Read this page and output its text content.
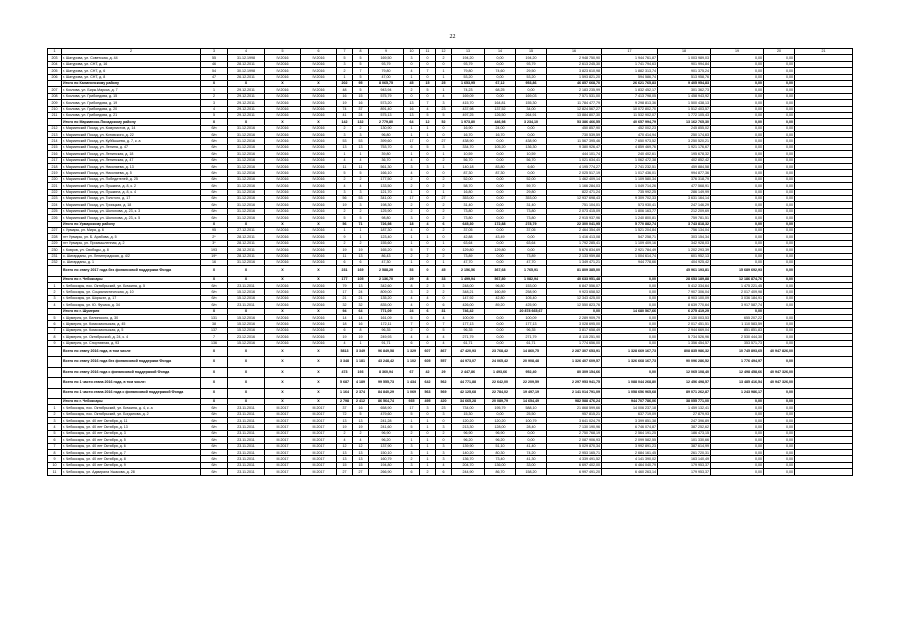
22
1	2	3	4	5	6	7	8	9	10	11	12	13	14	15	16	17	18	19	20	21
203	г. Шатурова, ул. Советская, д. 44	55	31.12.1998	IV.2016	IV.2016	5	5	169,50	3	0	2	194,20	0,00	194,20	2 948 750,90	1 944 761,87	1 003 989,03	0,00	0,00	
204	г. Шатурова, ул. СНТ, д. 16	46	28.12.2011	IV.2016	IV.2016	3	5	93,79	0	0	0	93,79	0,00	93,79	2 613 245,30	1 741 794,63	901 994,84	0,00	0,00	
205	г. Шатурова, ул. СНТ, д. 6	54	30.12.1998	IV.2016	IV.2016	2	7	79,80	4	7	1	79,80	74,60	29,50	3 823 610,98	1 882 313,74	901 375,24	0,00	0,00	
206	г. Шатурова, ул. СНТ, д. 8	47	26.12.2011	IV.2016	IV.2016	1	5	47,00	1	0	1	53,20	0,00	53,20	1 593 821,20	594 586,74	513 958,76	0,00	0,00	
	Итого по Калининскому району	X	X	X	X	202	95	8 065,75	45	15	25	1 653,95	67,12	953,86	46 857 668,70	26 621 765,83	9 405 954,83	0,00	0,00	
207	г. Козлова, ул. Бирж.Маркса, д. 7	1	29.12.2011	IV.2016	IV.2016	48	5	943,94	2	5	1	74,23	68,25	0,00	2 183 235,99	1 832 452,17	301 362,73	0,00	0,00	
208	г. Козлова, ул. Грибоедова, д. 15	2	29.12.2011	IV.2016	IV.2016	16	15	575,79	0	0	4	169,09	0,00	169,03	7 571 531,00	7 413 798,05	1 458 943,92	0,00	0,00	
209	г. Козлова, ул. Грибоедова, д. 19	3	29.12.2011	IV.2016	IV.2016	19	16	573,20	13	7	3	415,70	164,81	155,30	11 784 477,79	9 298 813,36	1 500 438,13	0,00	0,00	
210	г. Козлова, ул. Грибоедова, д. 20	4	29.12.2011	IV.2016	IV.2016	74	37	891,40	16	4	23	437,98	137,52	34,00	12 824 567,27	10 072 802,70	1 512 403,57	0,00	0,00	
211	г. Козлова, ул. Грибоедова, д. 21	5	29.12.2011	IV.2016	IV.2016	41	24	575,13	13	5	5	497,25	126,50	264,91	13 884 807,30	11 532 902,07	1 772 105,43	0,00	0,00	
	Итого по Мариинско-Посадскому району	X	X	X	X	142	132	2 779,80	64	12	52	1 973,80	446,98	3 234,10	53 386 466,55	40 657 994,79	13 162 765,30	0,00	0,00	
212	г. Мариинский Посад, ул. Комунистов, д. 14	б/н	31.12.2016	IV.2016	IV.2016	2	2	130,90	1	1	0	16,90	24,00	0,00	450 857,90	452 002,23	245 855,02	0,00	0,00	
213	г. Мариинский Посад, ул. Котовского, д. 22	б/н	31.12.2016	IV.2016	IV.2016	3	3	96,80	1	1	0	16,70	16,70	0,00	730 539,59	470 414,94	250 174,63	0,00	0,00	
214	г. Мариинский Посад, ул. Куйбышева, д. 7, к. а	б/н	31.12.2016	IV.2016	IV.2016	53	53	399,60	17	0	27	438,90	0,00	438,90	11 567 395,46	7 650 973,52	3 250 520,21	0,00	0,00	
215	г. Мариинский Посад, ул. Ленина, д. 47	б/н	31.12.2016	IV.2016	IV.2016	13	13	753,70	6	5	3	334,70	105,20	136,30	9 380 926,47	4 859 469,76	1 921 176,67	0,00	0,00	
216	г. Мариинский Посад, ул. Ленинская, д. 18	б/н	31.12.2016	IV.2016	IV.2016	1	1	39,80	1	0	1	10,59	0,00	10,59	444 101,74	240 402,61	195 678,32	0,00	0,00	
217	г. Мариинский Посад, ул. Ленинская, д. 47	б/н	31.12.2016	IV.2016	IV.2016	4	4	36,70	4	0	2	56,70	0,00	56,70	1 021 634,41	1 062 472,38	402 852,42	0,00	0,00	
218	г. Мариинский Посад, ул. Николаева, д. 13	б/н	31.12.2016	IV.2016	IV.2016	11	11	561,30	3	3	1	140,18	83,80	6,60	4 195 774,27	2 741 232,51	459 884,58	0,00	0,00	
219	г. Мариинский Посад, ул. Николаева, д. 5	б/н	31.12.2016	IV.2016	IV.2016	5	5	166,10	4	0	0	87,30	87,30	0,00	2 025 517,19	1 017 436,01	994 877,36	0,00	0,00	
220	г. Мариинский Посад, ул. Победителей, д. 25	б/н	31.12.2016	IV.2016	IV.2016	2	2	177,50	2	0	2	52,00	0,00	52,00	1 462 409,14	1 109 580,34	376 318,79	0,00	0,00	
221	г. Мариинский Посад, ул. Пушкина, д. 8, к. 2	б/н	31.12.2016	IV.2016	IV.2016	4	4	133,50	2	0	2	58,70	0,00	59,70	1 166 284,03	1 049 714,26	477 568,91	0,00	0,00	
222	г. Мариинский Посад, ул. Пушкина, д. 8, к. 4	б/н	31.12.2016	IV.2016	IV.2016	3	3	121,70	1	0	1	16,80	0,00	29,80	822 471,24	735 992,25	286 149,99	0,00	0,00	
223	г. Мариинский Посад, ул. Толстого, д. 17	б/н	31.12.2016	IV.2016	IV.2016	56	53	341,00	17	0	27	353,00	0,00	353,00	12 937 698,43	9 309 702,33	3 631 164,14	0,00	0,00	
224	г. Мариинский Посад, ул. Троицкая, д. 18	б/н	31.12.2016	IV.2016	IV.2016	19	3	198,30	2	0	2	31,40	0,00	31,40	751 104,01	573 930,41	247 146,29	0,00	0,00	
225	г. Мариинский Посад, ул. Шолохова, д. 23, к. 3	б/н	31.12.2016	IV.2016	IV.2016	2	2	125,90	2	0	2	73,80	0,00	73,80	2 073 415,09	1 806 163,77	212 209,69	0,00	0,00	
226	г. Мариинский Посад, ул. Шолохова, д. 23, к. 5	б/н	31.12.2016	IV.2016	IV.2016	5	5	98,80	3	0	2	73,80	0,00	73,80	2 915 937,96	1 240 800,81	759 781,51	0,00	0,00	
	Итого по Урмарскому району	X	X	X	X	56	71	726,98	18	4	6	645,30	172,88	278,79	22 300 041,95	5 770 882,74	3 743 818,32	0,00	0,00	
227	г. Урмары, ул. Мира, д. 6	95	27.12.2011	IV.2016	IV.2016	1	1	187,30	4	0	2	37,05	0,00	37,05	2 464 354,49	1 521 204,84	756 134,04	0,00	0,00	
228	пгт Урмары, ул. Б. Арабова, д. 5	2*	28.12.2011	IV.2016	IV.2016	9	1	123,40	1	1	0	42,88	43,49	0,00	1 416 413,08	547 258,71	303 154,34	0,00	0,00	
229	пгт Урмары, ул. Промышленная, д. 2	3*	28.12.2011	IV.2016	IV.2016	2	2	155,60	1	0	1	63,64	0,00	63,64	1 792 285,41	1 109 409,16	342 928,03	0,00	0,00	
230	г. Ковров, ул. Свободы, д. 8	193	28.12.2011	IV.2016	IV.2016	19	19	165,20	5	7	0	129,80	129,80	0,00	5 676 834,69	2 921 784,49	1 202 293,39	0,00	0,00	
231	с. Шигарданы, ул. Ленинградская, д. 4/2	19*	28.12.2011	IV.2016	IV.2016	11	13	86,43	2	2	2	73,89	0,00	73,89	2 133 959,88	1 004 614,74	601 952,13	0,00	0,00	
232	с. Шигарданы, д. 1	16	31.12.2016	IV.2016	IV.2016	6	6	47,30	1	0	1	47,70	0,00	47,70	1 349 471,21	944 778,66	404 925,42	0,00	0,00	
	Всего по этапу 2017 года без финансовой поддержки Фонда	X	X	X	X	231	169	2 588,29	53	0	45	2 156,56	367,68	1 765,91	81 809 385,00		45 961 193,81	15 689 692,93	0,00	
	Итого по г. Чебоксары	X	X	X	X	177	105	2 136,70	29	8	33	1 499,94	567,80	1 082,94	40 633 951,48	0,00	28 653 189,88	12 186 874,76	0,00	
1	г. Чебоксары, пос. Октябрьский, ул. Бичкина, д. 5	б/н	23.11.2011	IV.2016	IV.2016	79	13	342,60	8	2	3	248,00	96,80	153,00	6 847 556,07	0,00	5 412 334,64	1 475 221,45	0,00	
2	г. Чебоксары, ул. Социалистическая, д. 10	б/н	15.12.2016	IV.2016	IV.2016	17	24	809,00	3	2	2	348,21	160,89	258,90	9 923 658,52	0,00	7 907 306,04	2 017 409,98	0,00	
3	г. Чебоксары, ул. Шоршэл, д. 17	б/н	15.12.2016	IV.2016	IV.2016	21	21	135,20	4	4	0	147,92	42,80	105,40	12 343 425,00	0,00	8 903 100,09	3 036 184,91	0,00	
4	г. Чебоксары, ул. Ю. Фучика, д. 34	б/н	23.11.2011	IV.2016	IV.2016	32	32	835,00	4	0	6	426,00	89,20	425,90	12 550 823,76	0,00	8 639 770,64	3 917 587,74	0,00	
	Итого по г. Шумерля	X	X	X	X	94	64	771,09	24	6	31	746,42		20 878 665,67	0,00	14 680 567,66	6 275 419,29	0,00		
5	г. Шумерля, ул. Белинского, д. 30	131	15.12.2016	IV.2016	IV.2016	14	14	161,09	5	0	4	100,09	0,00	100,09	2 289 909,79	0,00	2 130 003,53	655 207,22	0,00	
6	г. Шумерля, ул. Комсомольская, д. 45	38	15.12.2016	IV.2016	IV.2016	18	16	172,11	7	0	7	177,13	0,00	177,13	3 028 695,00	0,00	2 017 451,51	1 110 583,59	0,00	
7	г. Шумерля, ул. Комсомольская, д. 5	137	15.12.2016	IV.2016	IV.2016	6	8	96,35	2	0	5	96,35	0,00	96,35	3 817 658,49	0,00	2 944 669,04	851 851,83	0,00	
8	г. Шумерля, ул. Октябрьской, д. 24, к. 4	7	23.12.2016	IV.2016	IV.2016	19	19	249,93	4	4	4	271,79	0,00	271,79	8 115 251,90	0,00	5 734 526,96	2 530 444,30	0,00	
9	г. Шумерля, ул. Спортивная, д. 93	136	15.12.2016	IV.2016	IV.2016	4	1	91,71	6	0	4	61,71	0,00	61,71	1 774 656,00	0,00	1 356 454,57	353 571,73	0,00	
	Всего по этапу 2016 года, в том числе	X	X	X	X	5813	3 349	96 849,58	1 329	607	867	47 420,93	23 768,42	14 860,75	2 287 307 653,91	1 328 669 167,73	808 835 986,32	10 745 893,65	40 947 826,00	
	Всего по этапу 2016 года без финансовой поддержки Фонда	X	X	X	X	3 348	1 181	43 248,42	1 102	605	557	44 973,07	24 065,42	20 908,48	1 326 407 609,57	1 326 668 167,73	90 096 286,52	1 776 494,97	0,00	
	Всего по этапу 2016 года с финансовой поддержкой Фонда	X	X	X	X	473	193	8 360,94	67	42	29	2 447,86	1 493,66	952,40	80 309 154,66	0,00	12 065 108,40	12 498 458,66	40 947 326,00	
	Всего по 1 части этапа 2016 года, в том числе:	X	X	X	X	5 687	4 189	99 555,73	1 434	642	562	44 771,88	22 642,00	22 209,59	2 297 953 941,75	1 088 044 268,80	12 456 498,57	13 485 416,54	40 947 326,00	
	Всего по 1 части этапа 2016 года с финансовой поддержкой Фонда	X	X	X	X	1 164	2 374	84 840,29	1 069	563	569	42 125,68	22 784,02	19 497,19	2 141 014 791,09	1 058 656 965,68	89 071 262,87	1 243 986,17	0,00	
	Итого по г. Чебоксары	X	X	X	X	2 798	2 412	86 564,74	935	495	420	34 665,28	20 089,79	14 654,49	982 588 476,24	944 707 786,06	38 055 771,00	0,00	0,00	
1	г. Чебоксары, пос. Октябрьский, ул. Бичкина, д. 4, к. а	б/н	23.11.2011	III.2017	III.2017	37	16	658,90	17	3	23	734,00	195,79	588,10	21 868 599,66	14 006 237,18	1 459 132,41	0,00	0,00	
2	г. Чебоксары, пос. Октябрьский, ул. Богданова, д. 2	б/н	23.11.2011	III.2017	III.2017	72	5	479,60	5	0	3	15,30	0,00	25,50	957 815,21	637 719,09	27 879,93	0,00	0,00	
3	г. Чебоксары, ул. 40 лет Октября, д. 11	б/н	23.11.2011	III.2017	III.2017	13	13	241,28	1	1	0	120,20	120,20	100,79	3 641 024,79	3 399 851,38	247 396,89	0,00	0,00	
4	г. Чебоксары, ул. 40 лет Октября, д. 13	б/н	23.11.2011	III.2017	III.2017	19	19	241,60	5	1	3	213,30	128,00	28,40	7 130 190,96	6 746 074,87	387 252,62	0,00	0,00	
5	г. Чебоксары, ул. 40 лет Октября, д. 3	б/н	23.11.2011	III.2017	III.2017	2	2	96,90	2	0	2	96,90	96,90	0,00	2 750 768,19	2 564 191,25	186 473,15	0,00	0,00	
6	г. Чебоксары, ул. 40 лет Октября, д. 5	б/н	23.11.2011	III.2017	III.2017	4	4	96,20	1	1	0	96,20	96,20	0,00	2 087 906,93	2 099 582,55	101 330,66	0,00	0,00	
7	г. Чебоксары, ул. 40 лет Октября, д. 6	б/н	23.11.2011	III.2017	III.2017	12	12	137,90	3	1	3	139,90	51,10	41,40	5 029 870,34	3 992 891,23	387 614,99	0,00	0,00	
8	г. Чебоксары, ул. 40 лет Октября, д. 7	б/н	23.11.2011	III.2017	III.2017	13	13	150,10	3	1	3	140,20	80,30	74,20	2 953 165,71	2 684 161,45	261 720,31	0,00	0,00	
9	г. Чебоксары, ул. 40 лет Октября, д. 8	б/н	23.11.2011	III.2017	III.2017	13	13	160,79	2	1	3	136,70	73,40	41,30	4 339 491,52	4 141 390,02	163 140,49	0,00	0,00	
10	г. Чебоксары, ул. 40 лет Октября, д. 9	б/н	23.11.2011	III.2017	III.2017	15	15	194,80	3	1	4	204,70	136,00	33,00	6 697 402,00	6 464 040,79	179 953,37	0,00	0,00	
11	г. Чебоксары, ул. Адмирала Ушакова, д. 28	б/н	23.11.2011	III.2017	III.2017	27	27	266,90	6	2	6	244,90	86,70	158,20	6 997 491,20	6 460 263,14	179 953,37	0,00	0,00	
